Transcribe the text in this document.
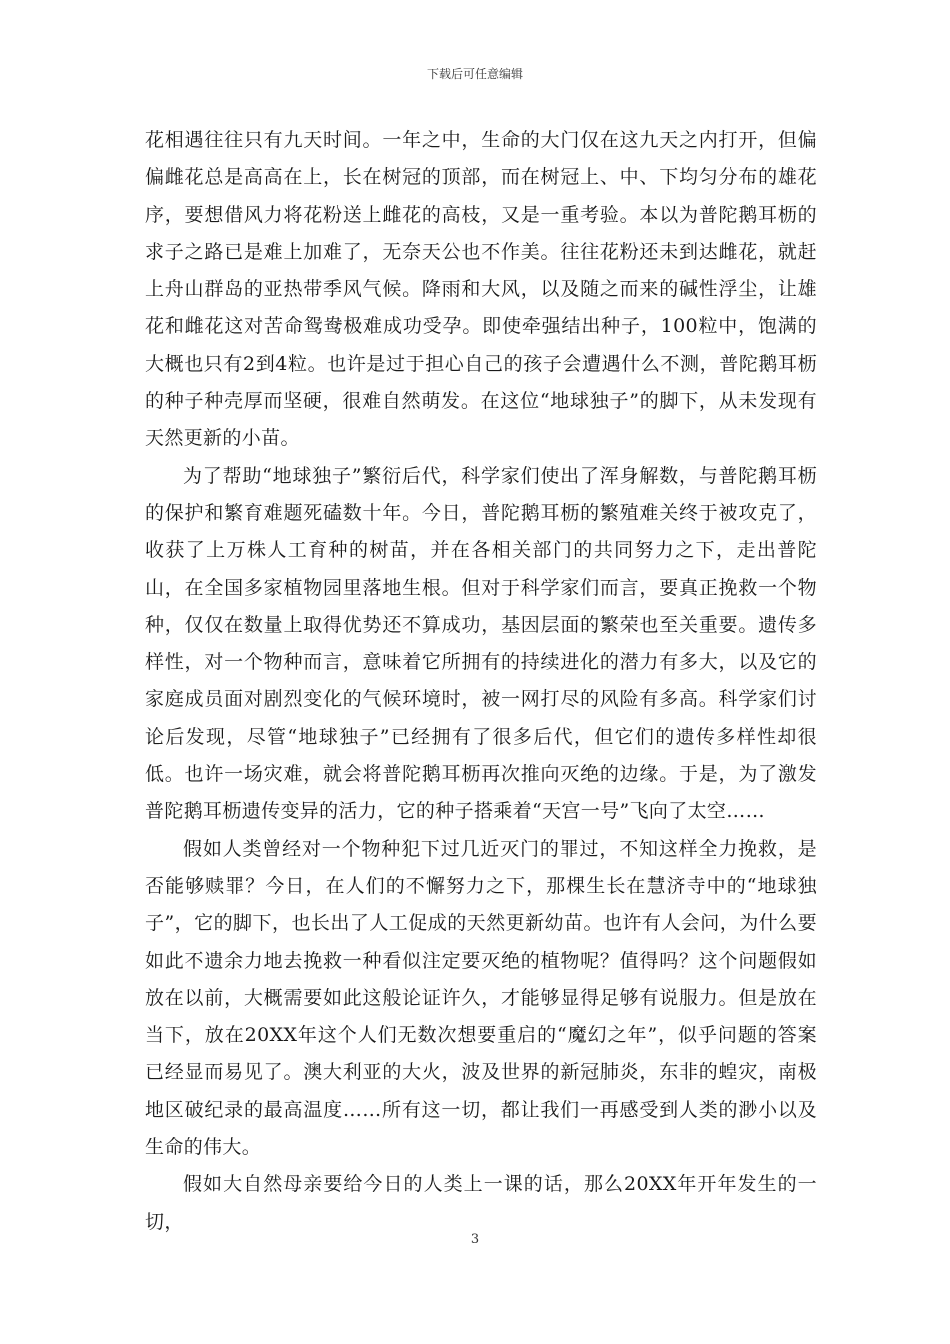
下载后可任意编辑

花相遇往往只有九天时间。一年之中，生命的大门仅在这九天之内打开，但偏偏雌花总是高高在上，长在树冠的顶部，而在树冠上、中、下均匀分布的雄花序，要想借风力将花粉送上雌花的高枝，又是一重考验。本以为普陀鹅耳枥的求子之路已是难上加难了，无奈天公也不作美。往往花粉还未到达雌花，就赶上舟山群岛的亚热带季风气候。降雨和大风，以及随之而来的碱性浮尘，让雄花和雌花这对苦命鸳鸯极难成功受孕。即使牵强结出种子，100粒中，饱满的大概也只有2到4粒。也许是过于担心自己的孩子会遭遇什么不测，普陀鹅耳枥的种子种壳厚而坚硬，很难自然萌发。在这位“地球独子”的脚下，从未发现有天然更新的小苗。

为了帮助“地球独子”繁衍后代，科学家们使出了浑身解数，与普陀鹅耳枥的保护和繁育难题死磕数十年。今日，普陀鹅耳枥的繁殖难关终于被攻克了，收获了上万株人工育种的树苗，并在各相关部门的共同努力之下，走出普陀山，在全国多家植物园里落地生根。但对于科学家们而言，要真正挽救一个物种，仅仅在数量上取得优势还不算成功，基因层面的繁荣也至关重要。遗传多样性，对一个物种而言，意味着它所拥有的持续进化的潜力有多大，以及它的家庭成员面对剧烈变化的气候环境时，被一网打尽的风险有多高。科学家们讨论后发现，尽管“地球独子”已经拥有了很多后代，但它们的遗传多样性却很低。也许一场灾难，就会将普陀鹅耳枥再次推向灭绝的边缘。于是，为了激发普陀鹅耳枥遗传变异的活力，它的种子搭乘着“天宫一号”飞向了太空……

假如人类曾经对一个物种犯下过几近灭门的罪过，不知这样全力挽救，是否能够赎罪？今日，在人们的不懈努力之下，那棵生长在慧济寺中的“地球独子”，它的脚下，也长出了人工促成的天然更新幼苗。也许有人会问，为什么要如此不遗余力地去挽救一种看似注定要灭绝的植物呢？值得吗？这个问题假如放在以前，大概需要如此这般论证许久，才能够显得足够有说服力。但是放在当下，放在20XX年这个人们无数次想要重启的“魔幻之年”，似乎问题的答案已经显而易见了。澳大利亚的大火，波及世界的新冠肺炎，东非的蝗灾，南极地区破纪录的最高温度……所有这一切，都让我们一再感受到人类的渺小以及生命的伟大。

假如大自然母亲要给今日的人类上一课的话，那么20XX年开年发生的一切，

3
